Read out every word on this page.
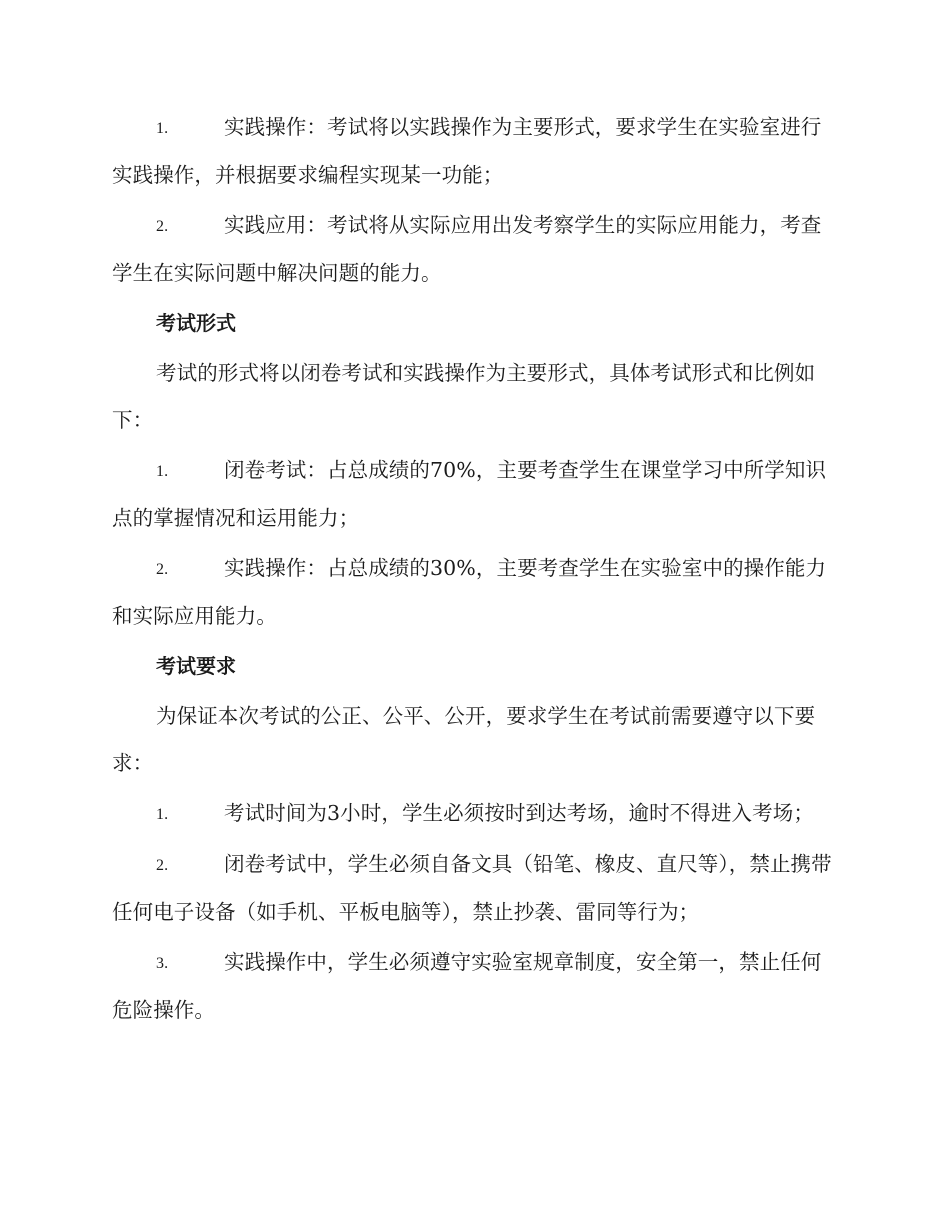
1.	实践操作：考试将以实践操作为主要形式，要求学生在实验室进行实践操作，并根据要求编程实现某一功能；

2.	实践应用：考试将从实际应用出发考察学生的实际应用能力，考查学生在实际问题中解决问题的能力。

考试形式

考试的形式将以闭卷考试和实践操作为主要形式，具体考试形式和比例如下：

1.	闭卷考试：占总成绩的70%，主要考查学生在课堂学习中所学知识点的掌握情况和运用能力；

2.	实践操作：占总成绩的30%，主要考查学生在实验室中的操作能力和实际应用能力。

考试要求

为保证本次考试的公正、公平、公开，要求学生在考试前需要遵守以下要求：

1.	考试时间为3小时，学生必须按时到达考场，逾时不得进入考场；

2.	闭卷考试中，学生必须自备文具（铅笔、橡皮、直尺等），禁止携带任何电子设备（如手机、平板电脑等），禁止抄袭、雷同等行为；

3.	实践操作中，学生必须遵守实验室规章制度，安全第一，禁止任何危险操作。
